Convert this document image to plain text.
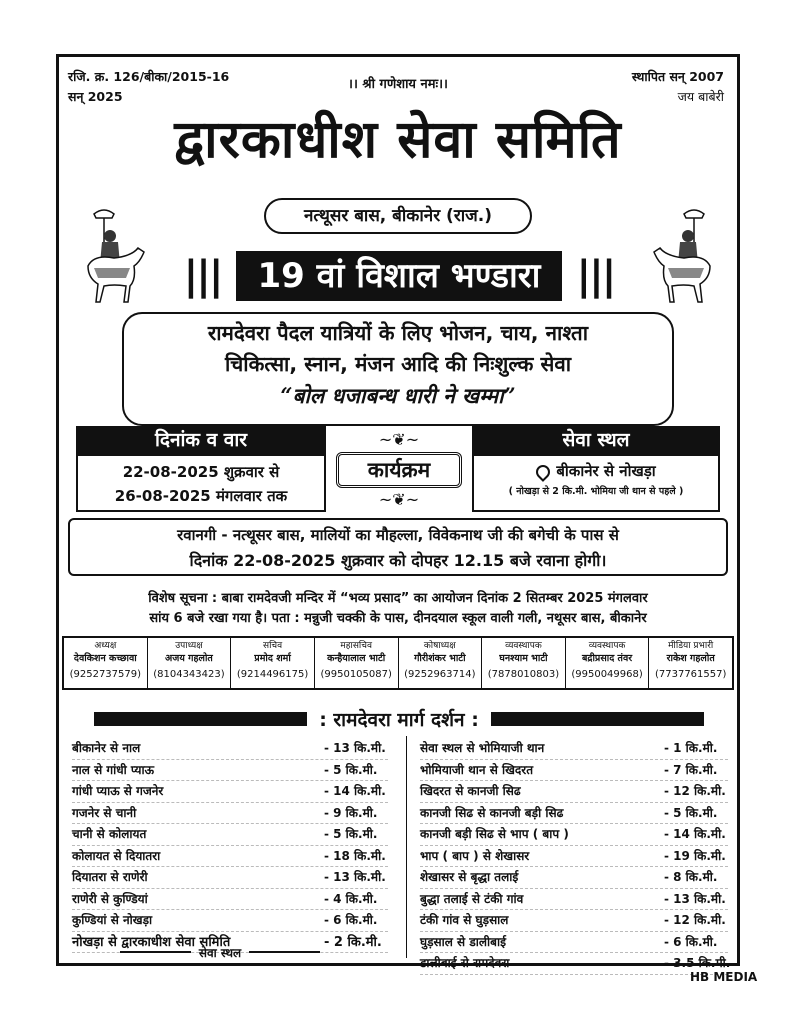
रजि. क्र. 126/बीका/2015-16
सन् 2025
।। श्री गणेशाय नमः।।
स्थापित सन् 2007
जय बाबेरी
द्वारकाधीश सेवा समिति
नत्थूसर बास, बीकानेर (राज.)
|||	19 वां विशाल भण्डारा |||
रामदेवरा पैदल यात्रियों के लिए भोजन, चाय, नाश्ता
चिकित्सा, स्नान, मंजन आदि की निःशुल्क सेवा
“बोल धजाबन्ध धारी ने खम्मा”
दिनांक व वार
22-08-2025 शुक्रवार से
26-08-2025 मंगलवार तक
~❦~
कार्यक्रम
~❦~
सेवा स्थल
बीकानेर से नोखड़ा
( नोखड़ा से 2 कि.मी. भोमिया जी थान से पहले )
रवानगी - नत्थूसर बास, मालियों का मौहल्ला, विवेकनाथ जी की बगेची के पास से
दिनांक 22-08-2025 शुक्रवार को दोपहर 12.15 बजे रवाना होगी।
विशेष सूचना : बाबा रामदेवजी मन्दिर में “भव्य प्रसाद” का आयोजन दिनांक 2 सितम्बर 2025 मंगलवार
सांय 6 बजे रखा गया है। पता : मन्नुजी चक्की के पास, दीनदयाल स्कूल वाली गली, नथूसर बास, बीकानेर
अध्यक्ष
देवकिशन कच्छावा
(9252737579)
उपाध्यक्ष
अजय गहलोत
(8104343423)
सचिव
प्रमोद शर्मा
(9214496175)
महासचिव
कन्हैयालाल भाटी
(9950105087)
कोषाध्यक्ष
गौरीशंकर भाटी
(9252963714)
व्यवस्थापक
घनश्याम भाटी
(7878010803)
व्यवस्थापक
बद्रीप्रसाद तंवर
(9950049968)
मीडिया प्रभारी
राकेश गहलोत
(7737761557)
: रामदेवरा मार्ग दर्शन :
बीकानेर से नाल	- 13 कि.मी.
नाल से गांधी प्याऊ	- 5 कि.मी.
गांधी प्याऊ से गजनेर	- 14 कि.मी.
गजनेर से चानी	- 9 कि.मी.
चानी से कोलायत	- 5 कि.मी.
कोलायत से दियातरा	- 18 कि.मी.
दियातरा से राणेरी	- 13 कि.मी.
राणेरी से कुण्डियां	- 4 कि.मी.
कुण्डियां से नोखड़ा	- 6 कि.मी.
नोखड़ा से द्वारकाधीश सेवा समिति	- 2 कि.मी.
सेवा स्थल
सेवा स्थल से भोमियाजी थान	- 1 कि.मी.
भोमियाजी थान से खिदरत	- 7 कि.मी.
खिदरत से कानजी सिढ	- 12 कि.मी.
कानजी सिढ से कानजी बड़ी सिढ	- 5 कि.मी.
कानजी बड़ी सिढ से भाप ( बाप )	- 14 कि.मी.
भाप ( बाप ) से शेखासर	- 19 कि.मी.
शेखासर से बृद्धा तलाई	- 8 कि.मी.
बुद्धा तलाई से टंकी गांव	- 13 कि.मी.
टंकी गांव से घुड़साल	- 12 कि.मी.
घुड़साल से डालीबाई	- 6 कि.मी.
डालीबाई से रामदेवरा	- 3.5 कि.मी.
HB MEDIA
